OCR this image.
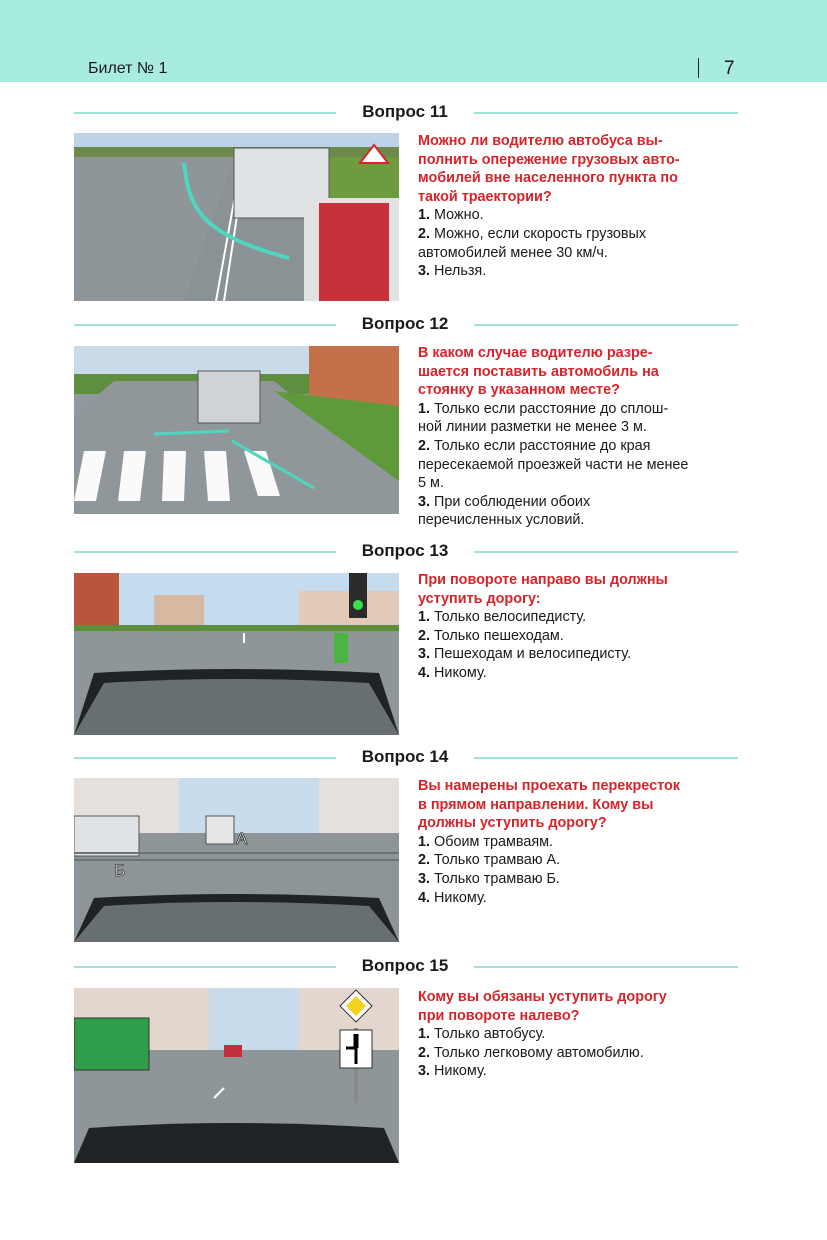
Билет № 1	7
Вопрос 11

Можно ли водителю автобуса вы-
полнить опережение грузовых авто-
мобилей вне населенного пункта по
такой траектории?

1. Можно.

2. Можно, если скорость грузовых
автомобилей менее 30 км/ч.

3. Нельзя.

Вопрос 12

В каком случае водителю разре-
шается поставить автомобиль на
стоянку в указанном месте?

1. Только если расстояние до сплош-
ной линии разметки не менее 3 м.

2. Только если расстояние до края
пересекаемой проезжей части не менее
5 м.

3. При соблюдении обоих
перечисленных условий.

Вопрос 13

При повороте направо вы должны
уступить дорогу:

1. Только велосипедисту.

2. Только пешеходам.

3. Пешеходам и велосипедисту.

4. Никому.

Вопрос 14
А
Б

Вы намерены проехать перекресток
в прямом направлении. Кому вы
должны уступить дорогу?

1. Обоим трамваям.

2. Только трамваю А.

3. Только трамваю Б.

4. Никому.

Вопрос 15

Кому вы обязаны уступить дорогу
при повороте налево?

1. Только автобусу.

2. Только легковому автомобилю.

3. Никому.
